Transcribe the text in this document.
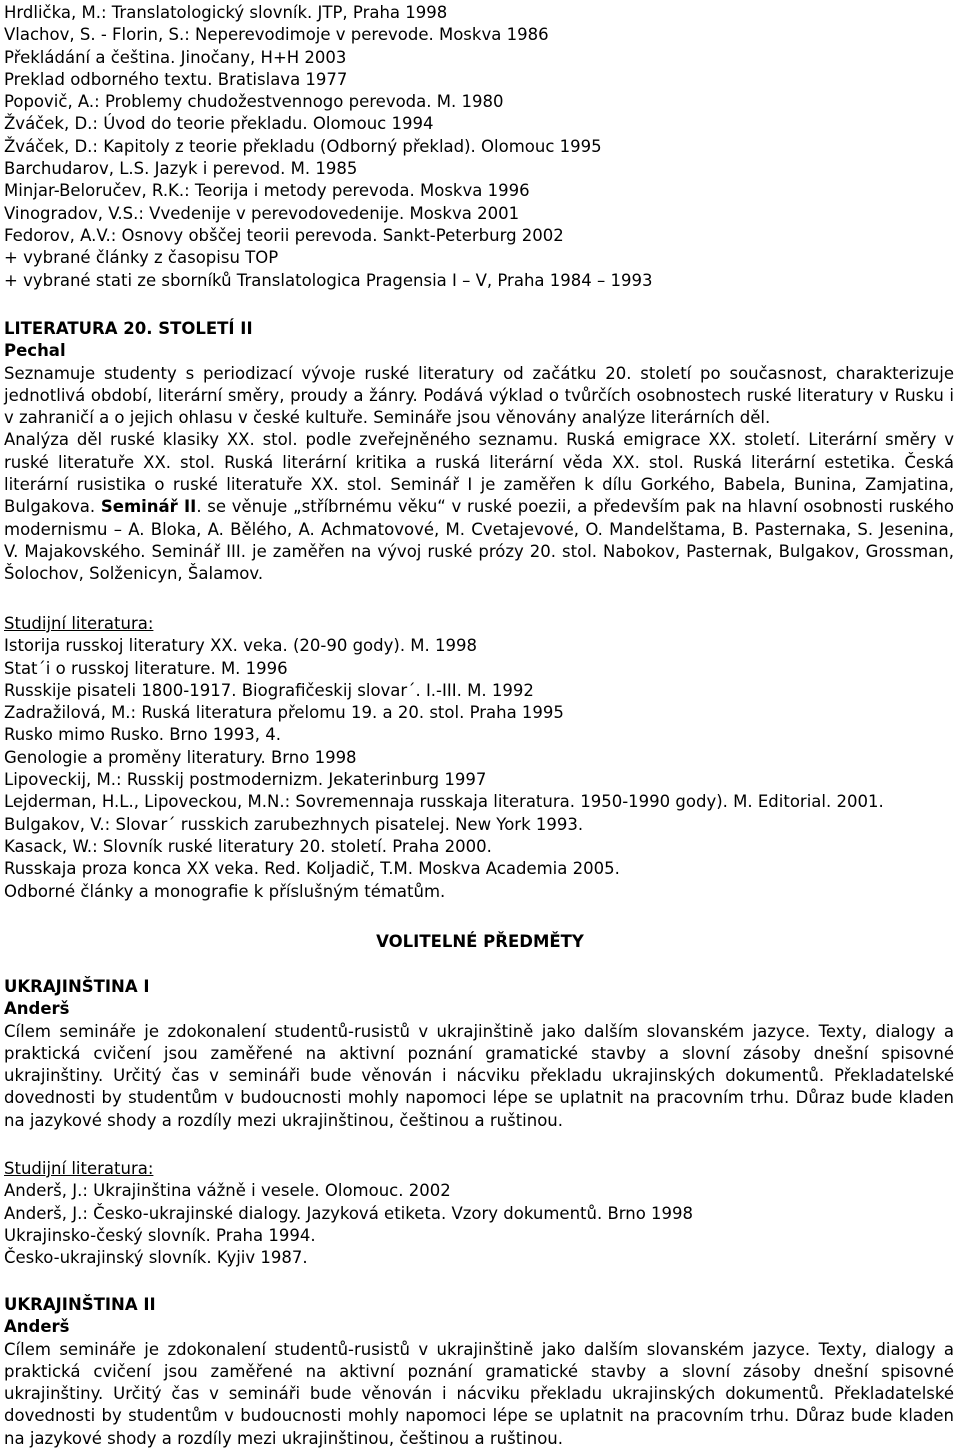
Hrdlička, M.: Translatologický slovník. JTP, Praha 1998
Vlachov, S. - Florin, S.: Neperevodimoje v perevode. Moskva 1986
Překládání a čeština. Jinočany, H+H 2003
Preklad odborného textu. Bratislava 1977
Popovič, A.: Problemy chudožestvennogo perevoda. M. 1980
Žváček, D.: Úvod do teorie překladu. Olomouc 1994
Žváček, D.: Kapitoly z teorie překladu (Odborný překlad). Olomouc 1995
Barchudarov, L.S. Jazyk i perevod. M. 1985
Minjar-Beloručev, R.K.: Teorija i metody perevoda. Moskva 1996
Vinogradov, V.S.: Vvedenije v perevodovedenije. Moskva 2001
Fedorov, A.V.: Osnovy obščej teorii perevoda. Sankt-Peterburg 2002
+ vybrané články z časopisu TOP
+ vybrané stati ze sborníků Translatologica Pragensia I – V, Praha 1984 – 1993
LITERATURA 20. STOLETÍ II
Pechal
Seznamuje studenty s periodizací vývoje ruské literatury od začátku 20. století po současnost, charakterizuje jednotlivá období, literární směry, proudy a žánry. Podává výklad o tvůrčích osobnostech ruské literatury v Rusku i v zahraničí a o jejich ohlasu v české kultuře. Semináře jsou věnovány analýze literárních děl.
Analýza děl ruské klasiky XX. stol. podle zveřejněného seznamu. Ruská emigrace XX. století. Literární směry v ruské literatuře XX. stol. Ruská literární kritika a ruská literární věda XX. stol. Ruská literární estetika. Česká literární rusistika o ruské literatuře XX. stol. Seminář I je zaměřen k dílu Gorkého, Babela, Bunina, Zamjatina, Bulgakova. Seminář II. se věnuje „stříbrnému věku“ v ruské poezii, a především pak na hlavní osobnosti ruského modernismu – A. Bloka, A. Bělého, A. Achmatovové, M. Cvetajevové, O. Mandelštama, B. Pasternaka, S. Jesenina, V. Majakovského. Seminář III. je zaměřen na vývoj ruské prózy 20. stol. Nabokov, Pasternak, Bulgakov, Grossman, Šolochov, Solženicyn, Šalamov.
Studijní literatura:
Istorija russkoj literatury XX. veka. (20-90 gody). M. 1998
Stat´i o russkoj literature. M. 1996
Russkije pisateli 1800-1917. Biografičeskij slovar´. I.-III. M. 1992
Zadražilová, M.: Ruská literatura přelomu 19. a 20. stol. Praha 1995
Rusko mimo Rusko. Brno 1993, 4.
Genologie a proměny literatury. Brno 1998
Lipoveckij, M.: Russkij postmodernizm. Jekaterinburg 1997
Lejderman, H.L., Lipoveckou, M.N.: Sovremennaja russkaja literatura. 1950-1990 gody). M. Editorial. 2001.
Bulgakov, V.: Slovar´ russkich zarubezhnych pisatelej. New York 1993.
Kasack, W.: Slovník ruské literatury 20. století. Praha 2000.
Russkaja proza konca XX veka. Red. Koljadič, T.M. Moskva Academia 2005.
Odborné články a monografie k příslušným tématům.
VOLITELNÉ PŘEDMĚTY
UKRAJINŠTINA I
Anderš
Cílem semináře je zdokonalení studentů-rusistů v ukrajinštině jako dalším slovanském jazyce. Texty, dialogy a praktická cvičení jsou zaměřené na aktivní poznání gramatické stavby a slovní zásoby dnešní spisovné ukrajinštiny. Určitý čas v semináři bude věnován i nácviku překladu ukrajinských dokumentů. Překladatelské dovednosti by studentům v budoucnosti mohly napomoci lépe se uplatnit na pracovním trhu. Důraz bude kladen na jazykové shody a rozdíly mezi ukrajinštinou, češtinou a ruštinou.
Studijní literatura:
Anderš, J.: Ukrajinština vážně i vesele. Olomouc. 2002
Anderš, J.: Česko-ukrajinské dialogy. Jazyková etiketa. Vzory dokumentů. Brno 1998
Ukrajinsko-český slovník. Praha 1994.
Česko-ukrajinský slovník. Kyjiv 1987.
UKRAJINŠTINA II
Anderš
Cílem semináře je zdokonalení studentů-rusistů v ukrajinštině jako dalším slovanském jazyce. Texty, dialogy a praktická cvičení jsou zaměřené na aktivní poznání gramatické stavby a slovní zásoby dnešní spisovné ukrajinštiny. Určitý čas v semináři bude věnován i nácviku překladu ukrajinských dokumentů. Překladatelské dovednosti by studentům v budoucnosti mohly napomoci lépe se uplatnit na pracovním trhu. Důraz bude kladen na jazykové shody a rozdíly mezi ukrajinštinou, češtinou a ruštinou.
